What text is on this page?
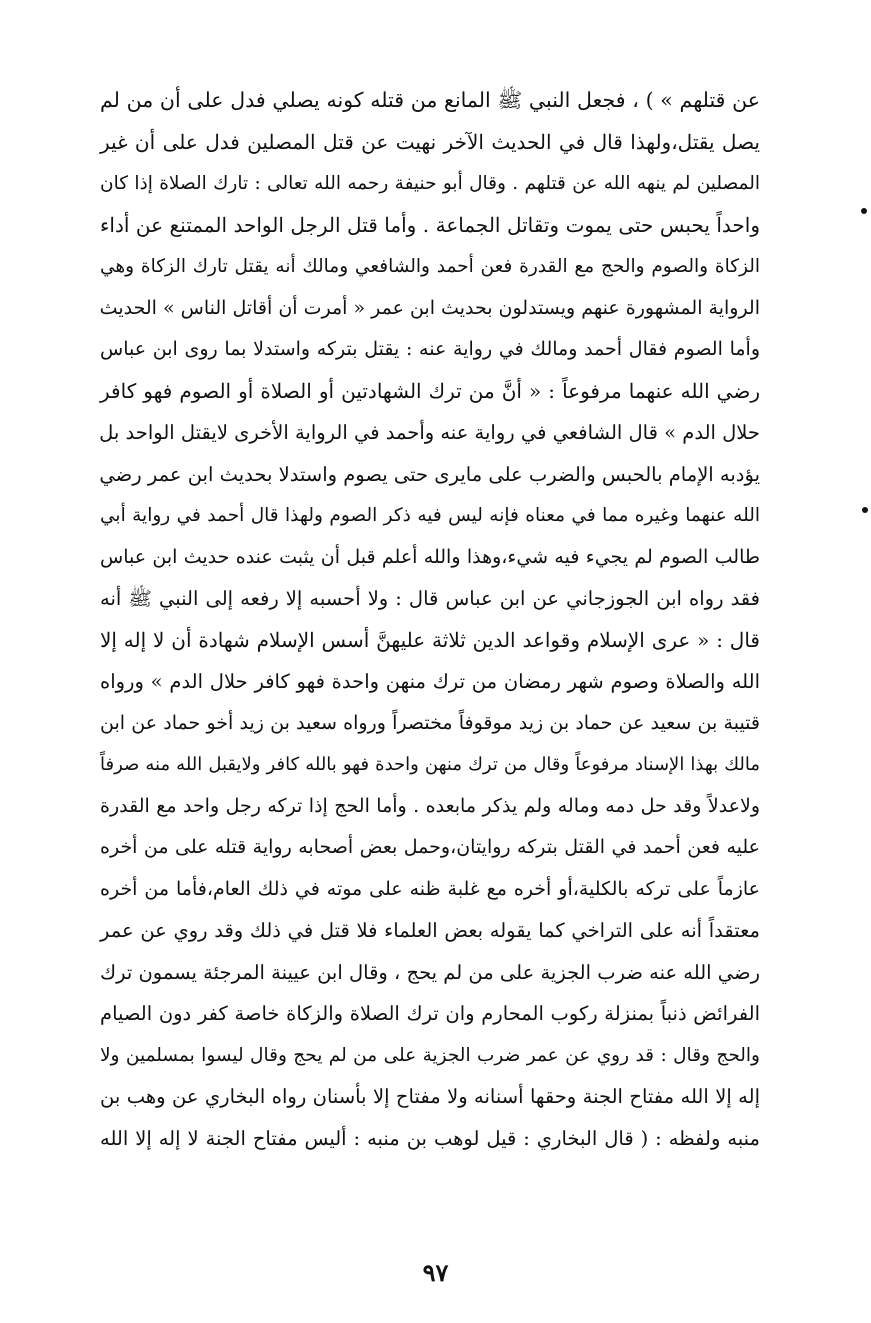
عن قتلهم » ) ، فجعل النبي ﷺ المانع من قتله كونه يصلي فدل على أن من لم
يصل يقتل،ولهذا قال في الحديث الآخر نهيت عن قتل المصلين فدل على أن غير
المصلين لم ينهه الله عن قتلهم . وقال أبو حنيفة رحمه الله تعالى : تارك الصلاة إذا كان
واحداً يحبس حتى يموت وتقاتل الجماعة . وأما قتل الرجل الواحد الممتنع عن أداء
الزكاة والصوم والحج مع القدرة فعن أحمد والشافعي ومالك أنه يقتل تارك الزكاة وهي
الرواية المشهورة عنهم ويستدلون بحديث ابن عمر « أمرت أن أقاتل الناس » الحديث
وأما الصوم فقال أحمد ومالك في رواية عنه : يقتل بتركه واستدلا بما روى ابن عباس
رضي الله عنهما مرفوعاً : « أنَّ من ترك الشهادتين أو الصلاة أو الصوم فهو كافر
حلال الدم » قال الشافعي في رواية عنه وأحمد في الرواية الأخرى لايقتل الواحد بل
يؤدبه الإمام بالحبس والضرب على مايرى حتى يصوم واستدلا بحديث ابن عمر رضي
الله عنهما وغيره مما في معناه فإنه ليس فيه ذكر الصوم ولهذا قال أحمد في رواية أبي
طالب الصوم لم يجيء فيه شيء،وهذا والله أعلم قبل أن يثبت عنده حديث ابن عباس
فقد رواه ابن الجوزجاني عن ابن عباس قال : ولا أحسبه إلا رفعه إلى النبي ﷺ أنه
قال : « عرى الإسلام وقواعد الدين ثلاثة عليهنَّ أسس الإسلام شهادة أن لا إله إلا
الله والصلاة وصوم شهر رمضان من ترك منهن واحدة فهو كافر حلال الدم » ورواه
قتيبة بن سعيد عن حماد بن زيد موقوفاً مختصراً ورواه سعيد بن زيد أخو حماد عن ابن
مالك بهذا الإسناد مرفوعاً وقال من ترك منهن واحدة فهو بالله كافر ولايقبل الله منه صرفاً
ولاعدلاً وقد حل دمه وماله ولم يذكر مابعده . وأما الحج إذا تركه رجل واحد مع القدرة
عليه فعن أحمد في القتل بتركه روايتان،وحمل بعض أصحابه رواية قتله على من أخره
عازماً على تركه بالكلية،أو أخره مع غلبة ظنه على موته في ذلك العام،فأما من أخره
معتقداً أنه على التراخي كما يقوله بعض العلماء فلا قتل في ذلك وقد روي عن عمر
رضي الله عنه ضرب الجزية على من لم يحج ، وقال ابن عيينة المرجئة يسمون ترك
الفرائض ذنباً بمنزلة ركوب المحارم وان ترك الصلاة والزكاة خاصة كفر دون الصيام
والحج وقال : قد روي عن عمر ضرب الجزية على من لم يحج وقال ليسوا بمسلمين ولا
إله إلا الله مفتاح الجنة وحقها أسنانه ولا مفتاح إلا بأسنان رواه البخاري عن وهب بن
منبه ولفظه : ( قال البخاري : قيل لوهب بن منبه : أليس مفتاح الجنة لا إله إلا الله
٩٧
